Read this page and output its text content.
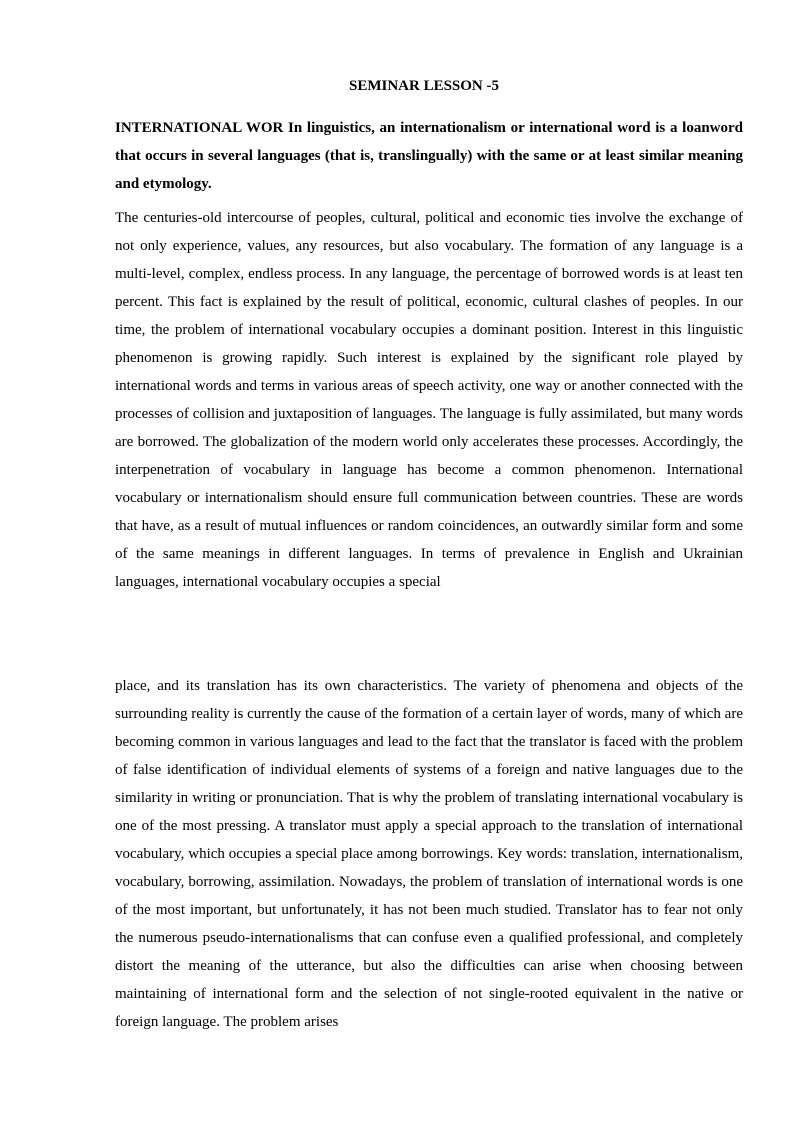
SEMINAR LESSON -5
INTERNATIONAL WOR In linguistics, an internationalism or international word is a loanword that occurs in several languages (that is, translingually) with the same or at least similar meaning and etymology.

The centuries-old intercourse of peoples, cultural, political and economic ties involve the exchange of not only experience, values, any resources, but also vocabulary. The formation of any language is a multi-level, complex, endless process. In any language, the percentage of borrowed words is at least ten percent. This fact is explained by the result of political, economic, cultural clashes of peoples. In our time, the problem of international vocabulary occupies a dominant position. Interest in this linguistic phenomenon is growing rapidly. Such interest is explained by the significant role played by international words and terms in various areas of speech activity, one way or another connected with the processes of collision and juxtaposition of languages. The language is fully assimilated, but many words are borrowed. The globalization of the modern world only accelerates these processes. Accordingly, the interpenetration of vocabulary in language has become a common phenomenon. International vocabulary or internationalism should ensure full communication between countries. These are words that have, as a result of mutual influences or random coincidences, an outwardly similar form and some of the same meanings in different languages. In terms of prevalence in English and Ukrainian languages, international vocabulary occupies a special

place, and its translation has its own characteristics. The variety of phenomena and objects of the surrounding reality is currently the cause of the formation of a certain layer of words, many of which are becoming common in various languages and lead to the fact that the translator is faced with the problem of false identification of individual elements of systems of a foreign and native languages due to the similarity in writing or pronunciation. That is why the problem of translating international vocabulary is one of the most pressing. A translator must apply a special approach to the translation of international vocabulary, which occupies a special place among borrowings. Key words: translation, internationalism, vocabulary, borrowing, assimilation. Nowadays, the problem of translation of international words is one of the most important, but unfortunately, it has not been much studied. Translator has to fear not only the numerous pseudo-internationalisms that can confuse even a qualified professional, and completely distort the meaning of the utterance, but also the difficulties can arise when choosing between maintaining of international form and the selection of not single-rooted equivalent in the native or foreign language. The problem arises
